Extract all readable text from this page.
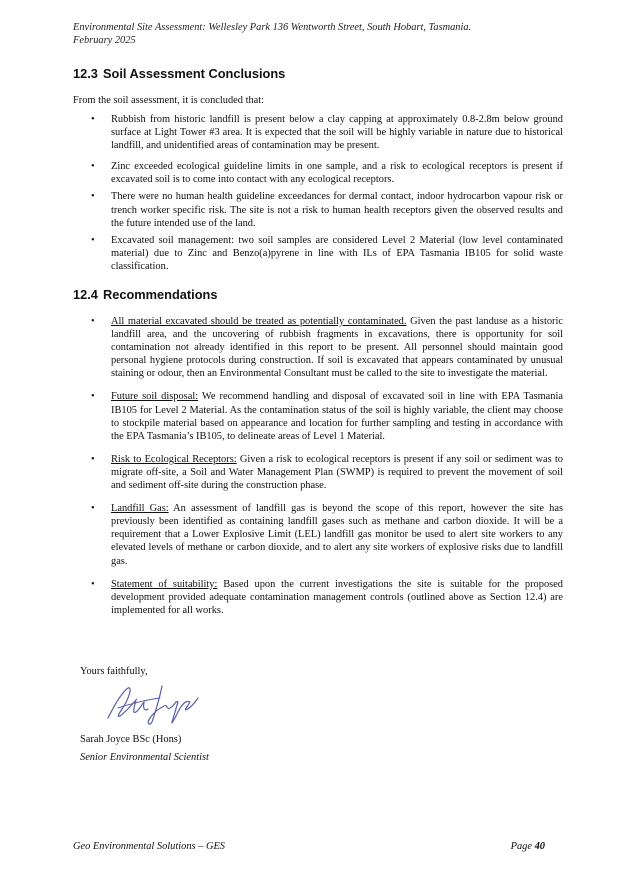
Environmental Site Assessment: Wellesley Park 136 Wentworth Street, South Hobart, Tasmania.
February 2025
12.3 Soil Assessment Conclusions
From the soil assessment, it is concluded that:
• Rubbish from historic landfill is present below a clay capping at approximately 0.8-2.8m below ground surface at Light Tower #3 area. It is expected that the soil will be highly variable in nature due to historical landfill, and unidentified areas of contamination may be present.
• Zinc exceeded ecological guideline limits in one sample, and a risk to ecological receptors is present if excavated soil is to come into contact with any ecological receptors.
• There were no human health guideline exceedances for dermal contact, indoor hydrocarbon vapour risk or trench worker specific risk. The site is not a risk to human health receptors given the observed results and the future intended use of the land.
• Excavated soil management: two soil samples are considered Level 2 Material (low level contaminated material) due to Zinc and Benzo(a)pyrene in line with ILs of EPA Tasmania IB105 for solid waste classification.
12.4 Recommendations
• All material excavated should be treated as potentially contaminated. Given the past landuse as a historic landfill area, and the uncovering of rubbish fragments in excavations, there is opportunity for soil contamination not already identified in this report to be present. All personnel should maintain good personal hygiene protocols during construction. If soil is excavated that appears contaminated by unusual staining or odour, then an Environmental Consultant must be called to the site to investigate the material.
• Future soil disposal: We recommend handling and disposal of excavated soil in line with EPA Tasmania IB105 for Level 2 Material. As the contamination status of the soil is highly variable, the client may choose to stockpile material based on appearance and location for further sampling and testing in accordance with the EPA Tasmania’s IB105, to delineate areas of Level 1 Material.
• Risk to Ecological Receptors: Given a risk to ecological receptors is present if any soil or sediment was to migrate off-site, a Soil and Water Management Plan (SWMP) is required to prevent the movement of soil and sediment off-site during the construction phase.
• Landfill Gas: An assessment of landfill gas is beyond the scope of this report, however the site has previously been identified as containing landfill gases such as methane and carbon dioxide. It will be a requirement that a Lower Explosive Limit (LEL) landfill gas monitor be used to alert site workers to any elevated levels of methane or carbon dioxide, and to alert any site workers of explosive risks due to landfill gas.
• Statement of suitability: Based upon the current investigations the site is suitable for the proposed development provided adequate contamination management controls (outlined above as Section 12.4) are implemented for all works.
Yours faithfully,
Sarah Joyce BSc (Hons)
Senior Environmental Scientist
Geo Environmental Solutions – GES	Page 40
